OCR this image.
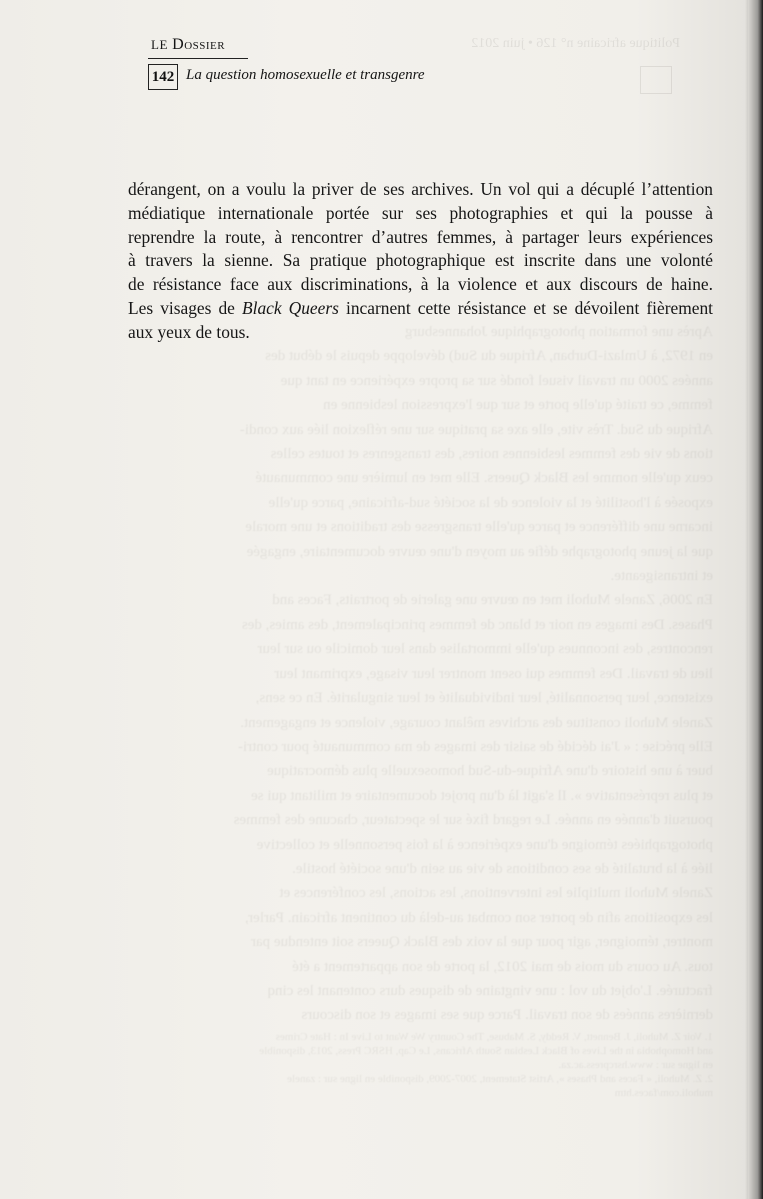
Politique africaine n° 126 • juin 2012
Après une formation photographique Johannesburg
en 1972, à Umlazi-Durban, Afrique du Sud) développe depuis le début des
années 2000 un travail visuel fondé sur sa propre expérience en tant que
femme, ce traité qu'elle porte et sur que l'expression lesbienne en
Afrique du Sud. Très vite, elle axe sa pratique sur une réflexion liée aux condi-
tions de vie des femmes lesbiennes noires, des transgenres et toutes celles
ceux qu'elle nomme les Black Queers. Elle met en lumière une communauté
exposée à l'hostilité et la violence de la société sud-africaine, parce qu'elle
incarne une différence et parce qu'elle transgresse des traditions et une morale
que la jeune photographe défie au moyen d'une œuvre documentaire, engagée
et intransigeante.
En 2006, Zanele Muholi met en œuvre une galerie de portraits, Faces and
Phases. Des images en noir et blanc de femmes principalement, des amies, des
rencontres, des inconnues qu'elle immortalise dans leur domicile ou sur leur
lieu de travail. Des femmes qui osent montrer leur visage, exprimant leur
existence, leur personnalité, leur individualité et leur singularité. En ce sens,
Zanele Muholi constitue des archives mêlant courage, violence et engagement.
Elle précise : « J'ai décidé de saisir des images de ma communauté pour contri-
buer à une histoire d'une Afrique-du-Sud homosexuelle plus démocratique
et plus représentative ». Il s'agit là d'un projet documentaire et militant qui se
poursuit d'année en année. Le regard fixé sur le spectateur, chacune des femmes
photographiées témoigne d'une expérience à la fois personnelle et collective
liée à la brutalité de ses conditions de vie au sein d'une société hostile.
Zanele Muholi multiplie les interventions, les actions, les conférences et
les expositions afin de porter son combat au-delà du continent africain. Parler,
montrer, témoigner, agir pour que la voix des Black Queers soit entendue par
tous. Au cours du mois de mai 2012, la porte de son appartement a été
fracturée. L'objet du vol : une vingtaine de disques durs contenant les cinq
dernières années de son travail. Parce que ses images et son discours
1. Voir Z. Muholi, J. Bennett, V. Reddy, S. Mabuse, The Country We Want to Live In : Hate Crimes
and Homophobia in the Lives of Black Lesbian South Africans, Le Cap, HSRC Press, 2013, disponible
en ligne sur : www.hsrcpress.ac.za.
2. Z. Muholi, « Faces and Phases », Artist Statement, 2007-2009, disponible en ligne sur : zanele
muholi.com/faces.htm
LE Dossier
142 La question homosexuelle et transgenre

dérangent, on a voulu la priver de ses archives. Un vol qui a décuplé l’attention
médiatique internationale portée sur ses photographies et qui la pousse à
reprendre la route, à rencontrer d’autres femmes, à partager leurs expériences
à travers la sienne. Sa pratique photographique est inscrite dans une volonté
de résistance face aux discriminations, à la violence et aux discours de haine.
Les visages de Black Queers incarnent cette résistance et se dévoilent fièrement
aux yeux de tous.
